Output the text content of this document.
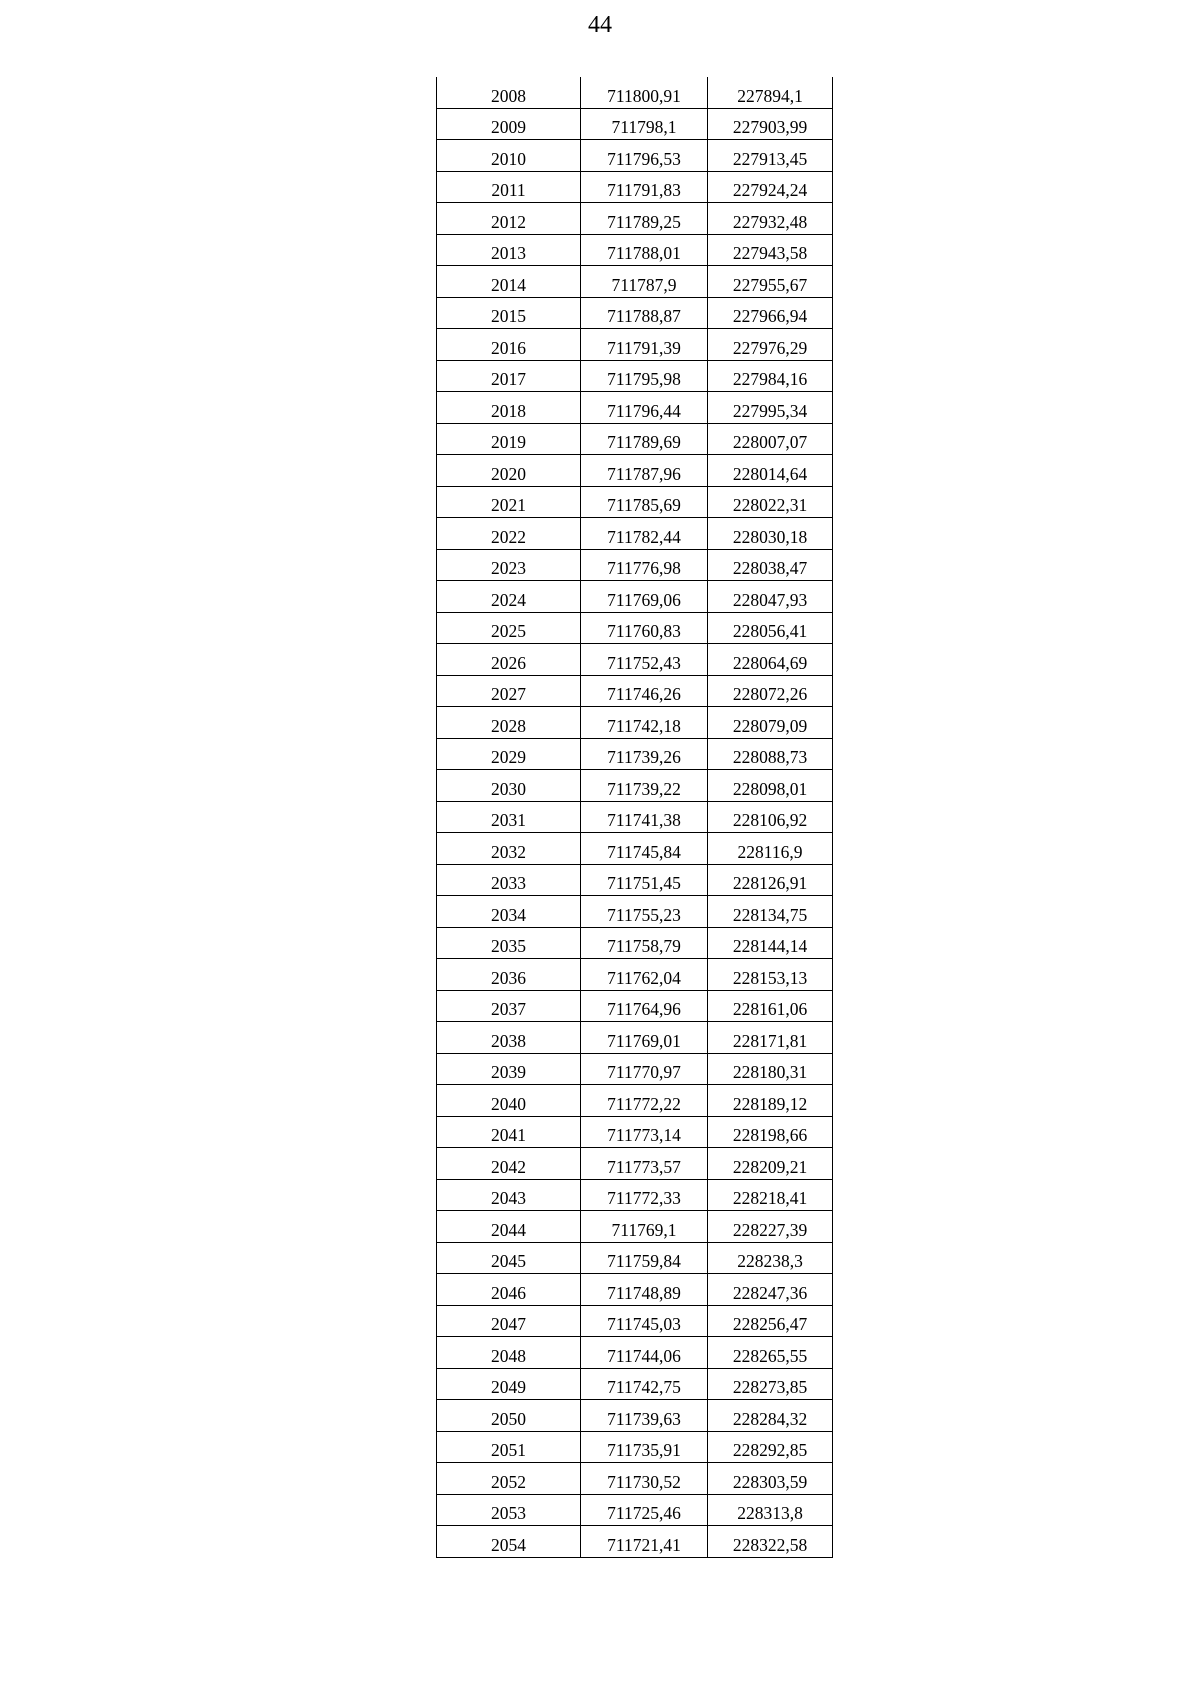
44
2008	711800,91	227894,1
2009	711798,1	227903,99
2010	711796,53	227913,45
2011	711791,83	227924,24
2012	711789,25	227932,48
2013	711788,01	227943,58
2014	711787,9	227955,67
2015	711788,87	227966,94
2016	711791,39	227976,29
2017	711795,98	227984,16
2018	711796,44	227995,34
2019	711789,69	228007,07
2020	711787,96	228014,64
2021	711785,69	228022,31
2022	711782,44	228030,18
2023	711776,98	228038,47
2024	711769,06	228047,93
2025	711760,83	228056,41
2026	711752,43	228064,69
2027	711746,26	228072,26
2028	711742,18	228079,09
2029	711739,26	228088,73
2030	711739,22	228098,01
2031	711741,38	228106,92
2032	711745,84	228116,9
2033	711751,45	228126,91
2034	711755,23	228134,75
2035	711758,79	228144,14
2036	711762,04	228153,13
2037	711764,96	228161,06
2038	711769,01	228171,81
2039	711770,97	228180,31
2040	711772,22	228189,12
2041	711773,14	228198,66
2042	711773,57	228209,21
2043	711772,33	228218,41
2044	711769,1	228227,39
2045	711759,84	228238,3
2046	711748,89	228247,36
2047	711745,03	228256,47
2048	711744,06	228265,55
2049	711742,75	228273,85
2050	711739,63	228284,32
2051	711735,91	228292,85
2052	711730,52	228303,59
2053	711725,46	228313,8
2054	711721,41	228322,58
